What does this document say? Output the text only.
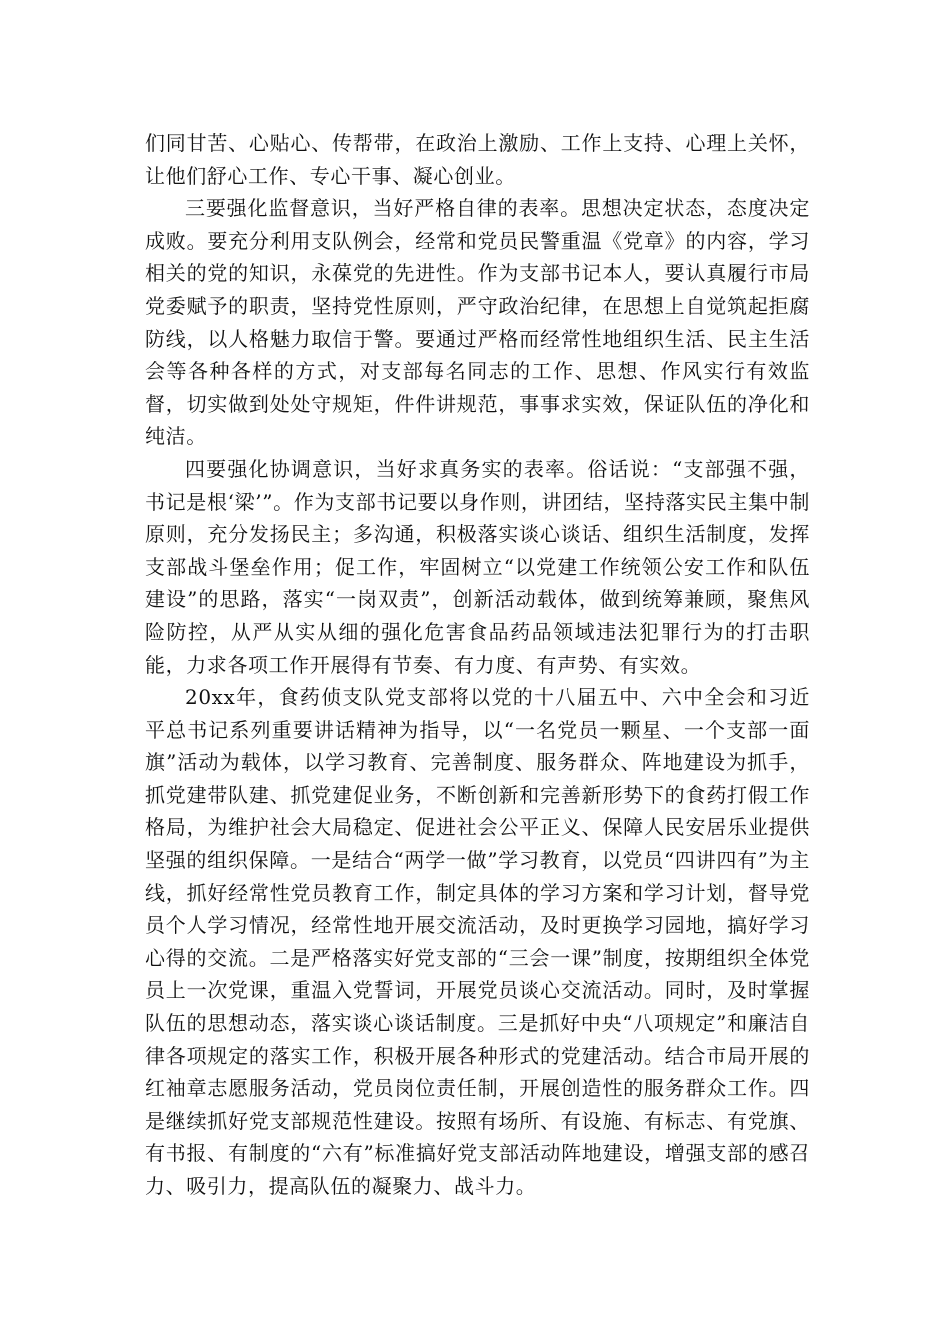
们同甘苦、心贴心、传帮带，在政治上激励、工作上支持、心理上关怀，让他们舒心工作、专心干事、凝心创业。

三要强化监督意识，当好严格自律的表率。思想决定状态，态度决定成败。要充分利用支队例会，经常和党员民警重温《党章》的内容，学习相关的党的知识，永葆党的先进性。作为支部书记本人，要认真履行市局党委赋予的职责，坚持党性原则，严守政治纪律，在思想上自觉筑起拒腐防线，以人格魅力取信于警。要通过严格而经常性地组织生活、民主生活会等各种各样的方式，对支部每名同志的工作、思想、作风实行有效监督，切实做到处处守规矩，件件讲规范，事事求实效，保证队伍的净化和纯洁。

四要强化协调意识，当好求真务实的表率。俗话说：“支部强不强，书记是根‘梁’”。作为支部书记要以身作则，讲团结，坚持落实民主集中制原则，充分发扬民主；多沟通，积极落实谈心谈话、组织生活制度，发挥支部战斗堡垒作用；促工作，牢固树立“以党建工作统领公安工作和队伍建设”的思路，落实“一岗双责”，创新活动载体，做到统筹兼顾，聚焦风险防控，从严从实从细的强化危害食品药品领域违法犯罪行为的打击职能，力求各项工作开展得有节奏、有力度、有声势、有实效。

20xx年，食药侦支队党支部将以党的十八届五中、六中全会和习近平总书记系列重要讲话精神为指导，以“一名党员一颗星、一个支部一面旗”活动为载体，以学习教育、完善制度、服务群众、阵地建设为抓手，抓党建带队建、抓党建促业务，不断创新和完善新形势下的食药打假工作格局，为维护社会大局稳定、促进社会公平正义、保障人民安居乐业提供坚强的组织保障。一是结合“两学一做”学习教育，以党员“四讲四有”为主线，抓好经常性党员教育工作，制定具体的学习方案和学习计划，督导党员个人学习情况，经常性地开展交流活动，及时更换学习园地，搞好学习心得的交流。二是严格落实好党支部的“三会一课”制度，按期组织全体党员上一次党课，重温入党誓词，开展党员谈心交流活动。同时，及时掌握队伍的思想动态，落实谈心谈话制度。三是抓好中央“八项规定”和廉洁自律各项规定的落实工作，积极开展各种形式的党建活动。结合市局开展的红袖章志愿服务活动，党员岗位责任制，开展创造性的服务群众工作。四是继续抓好党支部规范性建设。按照有场所、有设施、有标志、有党旗、有书报、有制度的“六有”标准搞好党支部活动阵地建设，增强支部的感召力、吸引力，提高队伍的凝聚力、战斗力。
